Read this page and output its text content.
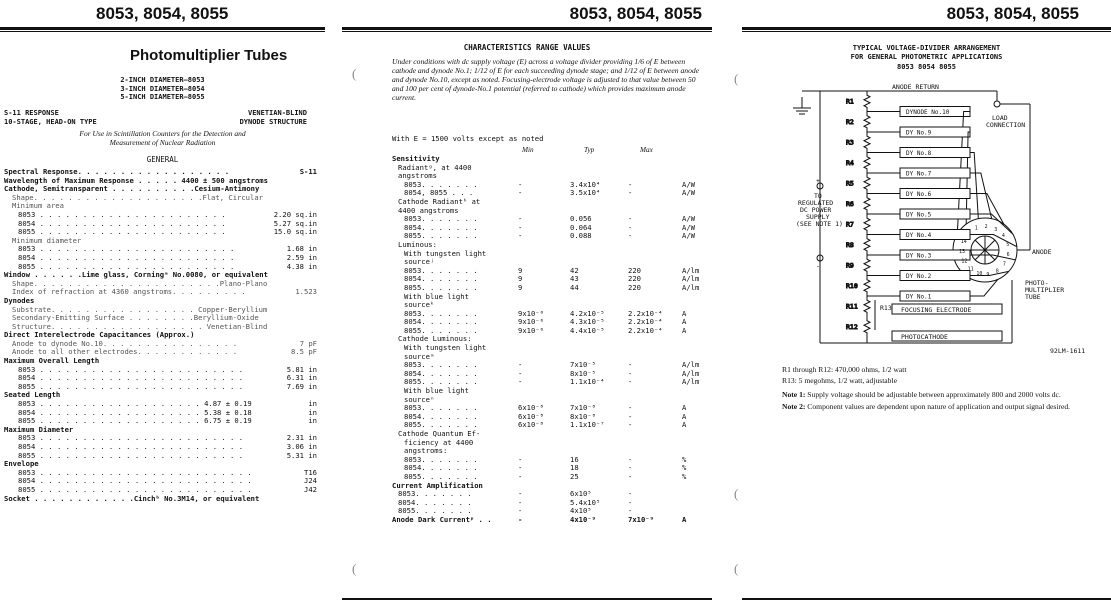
8053, 8054, 8055
Photomultiplier Tubes
2-INCH DIAMETER—8053
3-INCH DIAMETER—8054
5-INCH DIAMETER—8055
S-11 RESPONSE
10-STAGE, HEAD-ON TYPE
VENETIAN-BLIND
DYNODE STRUCTURE
For Use in Scintillation Counters for the Detection and Measurement of Nuclear Radiation
GENERAL
Spectral Response. . . . . . . . . . . . . . . . . .	S-11
Wavelength of Maximum Response . . . . . 4400 ± 500 angstroms
Cathode, Semitransparent . . . . . . . . . .Cesium-Antimony
Shape. . . . . . . . . . . . . . . . . . . .Flat, Circular
Minimum area
8053 . . . . . . . . . . . . . . . . . . . . . .	2.20 sq.in
8054 . . . . . . . . . . . . . . . . . . . . . .	5.27 sq.in
8055 . . . . . . . . . . . . . . . . . . . . . .	15.0 sq.in
Minimum diameter
8053 . . . . . . . . . . . . . . . . . . . . . . .	1.68 in
8054 . . . . . . . . . . . . . . . . . . . . . . .	2.59 in
8055 . . . . . . . . . . . . . . . . . . . . . . .	4.38 in
Window . . . . . .Lime glass, Corningᵃ No.0080, or equivalent
Shape. . . . . . . . . . . . . . . . . . . . . .Plano-Plano
Index of refraction at 4360 angstroms. . . . . . . . .	1.523
Dynodes
Substrate. . . . . . . . . . . . . . . . . Copper-Beryllium
Secondary-Emitting Surface . . . . . . . .Beryllium-Oxide
Structure. . . . . . . . . . . . . . . . . . Venetian-Blind
Direct Interelectrode Capacitances (Approx.)
Anode to dynode No.10. . . . . . . . . . . . . . . .	7 pF
Anode to all other electrodes. . . . . . . . . . . .	8.5 pF
Maximum Overall Length
8053 . . . . . . . . . . . . . . . . . . . . . . . .	5.81 in
8054 . . . . . . . . . . . . . . . . . . . . . . . .	6.31 in
8055 . . . . . . . . . . . . . . . . . . . . . . . .	7.69 in
Seated Length
8053 . . . . . . . . . . . . . . . . . . . 4.87 ± 0.19	in
8054 . . . . . . . . . . . . . . . . . . . 5.38 ± 0.18	in
8055 . . . . . . . . . . . . . . . . . . . 6.75 ± 0.19	in
Maximum Diameter
8053 . . . . . . . . . . . . . . . . . . . . . . . .	2.31 in
8054 . . . . . . . . . . . . . . . . . . . . . . . .	3.06 in
8055 . . . . . . . . . . . . . . . . . . . . . . . .	5.31 in
Envelope
8053 . . . . . . . . . . . . . . . . . . . . . . . . .	T16
8054 . . . . . . . . . . . . . . . . . . . . . . . . .	J24
8055 . . . . . . . . . . . . . . . . . . . . . . . . .	J42
Socket . . . . . . . . . . . .Cinchᵇ No.3M14, or equivalent
(
8053, 8054, 8055
CHARACTERISTICS RANGE VALUES
Under conditions with dc supply voltage (E) across a voltage divider providing 1/6 of E between cathode and dynode No.1; 1/12 of E for each succeeding dynode stage; and 1/12 of E between anode and dynode No.10, except as noted. Focusing-electrode voltage is adjusted to that value between 50 and 100 per cent of dynode-No.1 potential (referred to cathode) which provides maximum anode current.
With E = 1500 volts except as noted
Min	Typ	Max
Sensitivity
Radiantᵍ, at 4400
angstroms
8053. . . . . . .	-	3.4x10⁴	-	A/W
8054, 8055 . . .	-	3.5x10⁴	-	A/W
Cathode Radiantʰ at
4400 angstroms
8053. . . . . . .	-	0.056	-	A/W
8054. . . . . . .	-	0.064	-	A/W
8055. . . . . . .	-	0.088	-	A/W
Luminous:
With tungsten light
sourceʲ
8053. . . . . . .	9	42	220	A/lm
8054. . . . . . .	9	43	220	A/lm
8055. . . . . . .	9	44	220	A/lm
With blue light
sourceᵏ
8053. . . . . . .	9x10⁻⁶	4.2x10⁻⁵	2.2x10⁻⁴	A
8054. . . . . . .	9x10⁻⁶	4.3x10⁻⁵	2.2x10⁻⁴	A
8055. . . . . . .	9x10⁻⁶	4.4x10⁻⁵	2.2x10⁻⁴	A
Cathode Luminous:
With tungsten light
sourceᵐ
8053. . . . . . .	-	7x10⁻⁵	-	A/lm
8054. . . . . . .	-	8x10⁻⁵	-	A/lm
8055. . . . . . .	-	1.1x10⁻⁴	-	A/lm
With blue light
sourceⁿ
8053. . . . . . .	6x10⁻⁸	7x10⁻⁸	-	A
8054. . . . . . .	6x10⁻⁸	8x10⁻⁸	-	A
8055. . . . . . .	6x10⁻⁸	1.1x10⁻⁷	-	A
Cathode Quantum Ef-
ficiency at 4400
angstroms:
8053. . . . . . .	-	16	-	%
8054. . . . . . .	-	18	-	%
8055. . . . . . .	-	25	-	%
Current Amplification
8053. . . . . . .	-	6x10⁵	-
8054. . . . . . .	-	5.4x10⁵	-
8055. . . . . . .	-	4x10⁵	-
Anode Dark Currentᵖ . .	-	4x10⁻⁹	7x10⁻⁹	A
(
8053, 8054, 8055
TYPICAL VOLTAGE-DIVIDER ARRANGEMENT
FOR GENERAL PHOTOMETRIC APPLICATIONS
8053 8054 8055
R1
R2
R3
R4
R5
R6
R7
R8
R9
R10
R11
R12
DYNODE No.10
DY No.9
DY No.8
DY No.7
DY No.6
DY No.5
DY No.4
DY No.3
DY No.2
DY No.1
1 2 3
4
5
6
7
8
9
10
11
12
13
14
ANODE RETURN
LOAD
CONNECTION
ANODE
PHOTO-
MULTIPLIER
TUBE
+
-
TO
REGULATED
DC POWER
SUPPLY
(SEE NOTE 1)
FOCUSING ELECTRODE
PHOTOCATHODE
R13
92LM-1611
R1 through R12: 470,000 ohms, 1/2 watt
R13: 5 megohms, 1/2 watt, adjustable
Note 1: Supply voltage should be adjustable between approximately 800 and 2000 volts dc.
Note 2: Component values are dependent upon nature of application and output signal desired.
(
(
(
